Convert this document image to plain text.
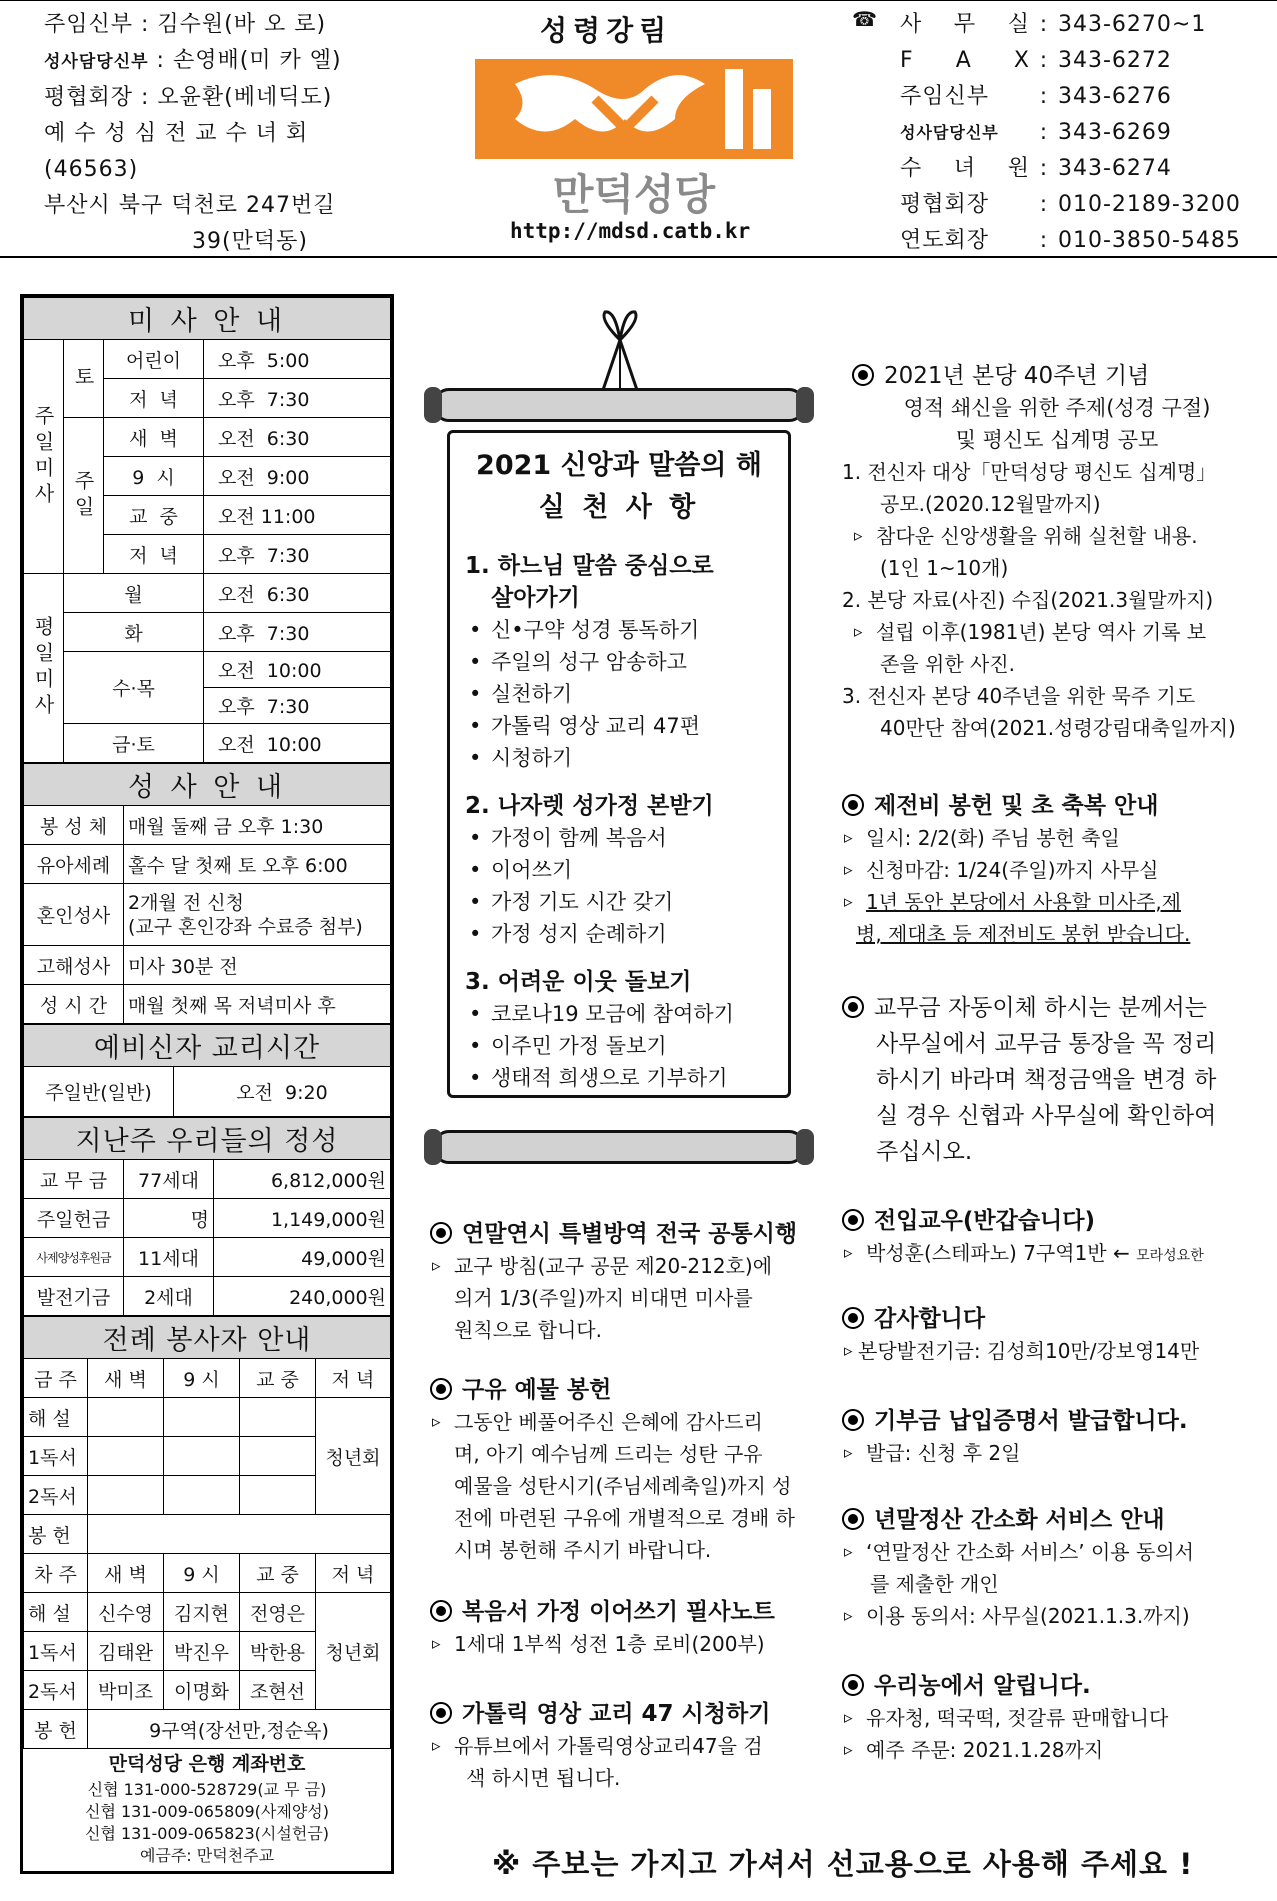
주임신부 : 김수원(바 오 로)
성사담당신부 : 손영배(미 카 엘)
평협회장 : 오윤환(베네딕도)
예 수 성 심 전 교 수 녀 회
(46563)
부산시 북구 덕천로 247번길
39(만덕동)
성령강림
만덕성당
http://mdsd.catb.kr
☎ 사 무 실 : 343-6270~1
F A X : 343-6272
주임신부	: 343-6276
성사담당신부	: 343-6269
수 녀 원 : 343-6274
평협회장	: 010-2189-3200
연도회장	: 010-3850-5485
미 사 안 내			
주일미사	토	어린이	오후  5:00
		저  녁	오후  7:30
	주일	새  벽	오전  6:30
		9  시	오전  9:00
		교  중	오전 11:00
		저  녁	오후  7:30
평일미사	월		오전  6:30
	화		오후  7:30
	수·목		오전  10:00
			오후  7:30
	금·토		오전  10:00
성 사 안 내	
봉 성 체	매월 둘째 금 오후 1:30
유아세례	홀수 달 첫째 토 오후 6:00
혼인성사	2개월 전 신청
(교구 혼인강좌 수료증 첨부)

고해성사	미사 30분 전
성 시 간	매월 첫째 목 저녁미사 후
예비신자 교리시간
주일반(일반)	오전  9:20
지난주 우리들의 정성		
교 무 금	77세대	6,812,000원
주일헌금	명	1,149,000원
사제양성후원금	11세대	49,000원
발전기금	2세대	240,000원
전례 봉사자 안내				
금 주	새 벽	9 시	교 중	저 녁
해 설				청년회
1독서				
2독서				
봉 헌				
차 주	새 벽	9 시	교 중	저 녁
해 설	신수영	김지현	전영은	청년회
1독서	김태완	박진우	박한용	
2독서	박미조	이명화	조현선	
봉 헌	9구역(장선만,정순옥)			
만덕성당 은행 계좌번호
신협 131-000-528729(교 무 금)
신협 131-009-065809(사제양성)
신협 131-009-065823(시설헌금)
예금주: 만덕천주교
2021 신앙과 말씀의 해
실 천 사 항
1. 하느님 말씀 중심으로
살아가기
• 신•구약 성경 통독하기
• 주일의 성구 암송하고
• 실천하기
• 가톨릭 영상 교리 47편
• 시청하기
2. 나자렛 성가정 본받기
• 가정이 함께 복음서
• 이어쓰기
• 가정 기도 시간 갖기
• 가정 성지 순례하기
3. 어려운 이웃 돌보기
• 코로나19 모금에 참여하기
• 이주민 가정 돌보기
• 생태적 희생으로 기부하기
2021년 본당 40주년 기념
영적 쇄신을 위한 주제(성경 구절)
및 평신도 십계명 공모
1. 전신자 대상「만덕성당 평신도 십계명」
공모.(2020.12월말까지)
▹ 참다운 신앙생활을 위해 실천할 내용.
(1인 1~10개)
2. 본당 자료(사진) 수집(2021.3월말까지)
▹ 설립 이후(1981년) 본당 역사 기록 보
존을 위한 사진.
3. 전신자 본당 40주년을 위한 묵주 기도
40만단 참여(2021.성령강림대축일까지)
제전비 봉헌 및 초 축복 안내
▹ 일시: 2/2(화) 주님 봉헌 축일
▹ 신청마감: 1/24(주일)까지 사무실
▹ 1년 동안 본당에서 사용할 미사주,제
병, 제대초 등 제전비도 봉헌 받습니다.
교무금 자동이체 하시는 분께서는
사무실에서 교무금 통장을 꼭 정리
하시기 바라며 책정금액을 변경 하
실 경우 신협과 사무실에 확인하여
주십시오.
전입교우(반갑습니다)
▹ 박성훈(스테파노) 7구역1반 ← 모라성요한
감사합니다
▹ 본당발전기금: 김성희10만/강보영14만
기부금 납입증명서 발급합니다.
▹ 발급: 신청 후 2일
년말정산 간소화 서비스 안내
▹ ‘연말정산 간소화 서비스’ 이용 동의서
를 제출한 개인
▹ 이용 동의서: 사무실(2021.1.3.까지)
우리농에서 알립니다.
▹ 유자청, 떡국떡, 젓갈류 판매합니다
▹ 예주 주문: 2021.1.28까지
연말연시 특별방역 전국 공통시행
▹ 교구 방침(교구 공문 제20-212호)에
의거 1/3(주일)까지 비대면 미사를
원칙으로 합니다.
구유 예물 봉헌
▹ 그동안 베풀어주신 은혜에 감사드리
며, 아기 예수님께 드리는 성탄 구유
예물을 성탄시기(주님세례축일)까지 성
전에 마련된 구유에 개별적으로 경배 하
시며 봉헌해 주시기 바랍니다.
복음서 가정 이어쓰기 필사노트
▹ 1세대 1부씩 성전 1층 로비(200부)
가톨릭 영상 교리 47 시청하기
▹ 유튜브에서 가톨릭영상교리47을 검
색 하시면 됩니다.
※ 주보는 가지고 가셔서 선교용으로 사용해 주세요 !
